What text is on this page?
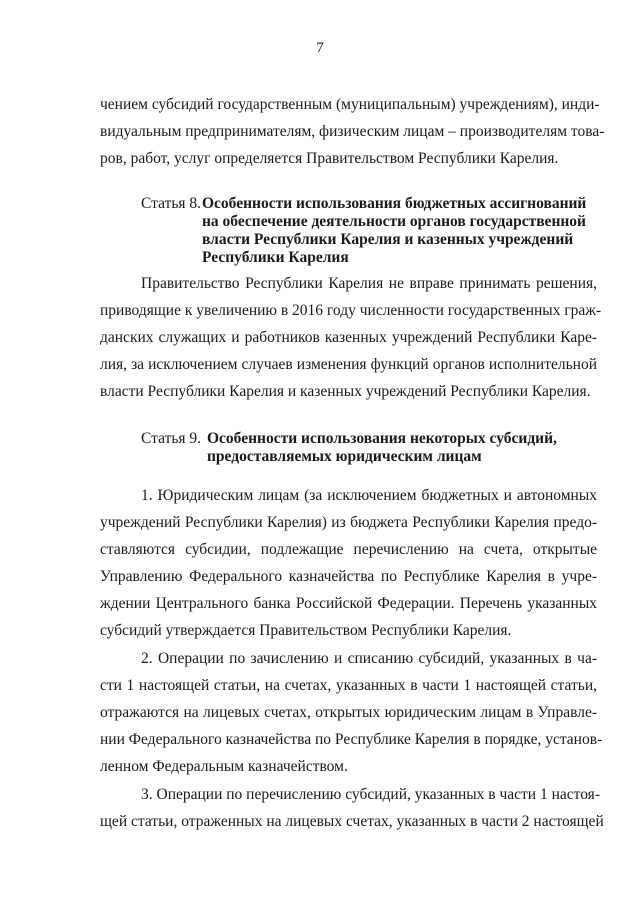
7
чением субсидий государственным (муниципальным) учреждениям), инди-
видуальным предпринимателям, физическим лицам – производителям това-
ров, работ, услуг определяется Правительством Республики Карелия.
Статья 8. Особенности использования бюджетных ассигнований
на обеспечение деятельности органов государственной
власти Республики Карелия и казенных учреждений
Республики Карелия
Правительство Республики Карелия не вправе принимать решения,
приводящие к увеличению в 2016 году численности государственных граж-
данских служащих и работников казенных учреждений Республики Каре-
лия, за исключением случаев изменения функций органов исполнительной
власти Республики Карелия и казенных учреждений Республики Карелия.
Статья 9. Особенности использования некоторых субсидий,
предоставляемых юридическим лицам
1. Юридическим лицам (за исключением бюджетных и автономных
учреждений Республики Карелия) из бюджета Республики Карелия предо-
ставляются субсидии, подлежащие перечислению на счета, открытые
Управлению Федерального казначейства по Республике Карелия в учре-
ждении Центрального банка Российской Федерации. Перечень указанных
субсидий утверждается Правительством Республики Карелия.
2. Операции по зачислению и списанию субсидий, указанных в ча-
сти 1 настоящей статьи, на счетах, указанных в части 1 настоящей статьи,
отражаются на лицевых счетах, открытых юридическим лицам в Управле-
нии Федерального казначейства по Республике Карелия в порядке, установ-
ленном Федеральным казначейством.
3. Операции по перечислению субсидий, указанных в части 1 настоя-
щей статьи, отраженных на лицевых счетах, указанных в части 2 настоящей
